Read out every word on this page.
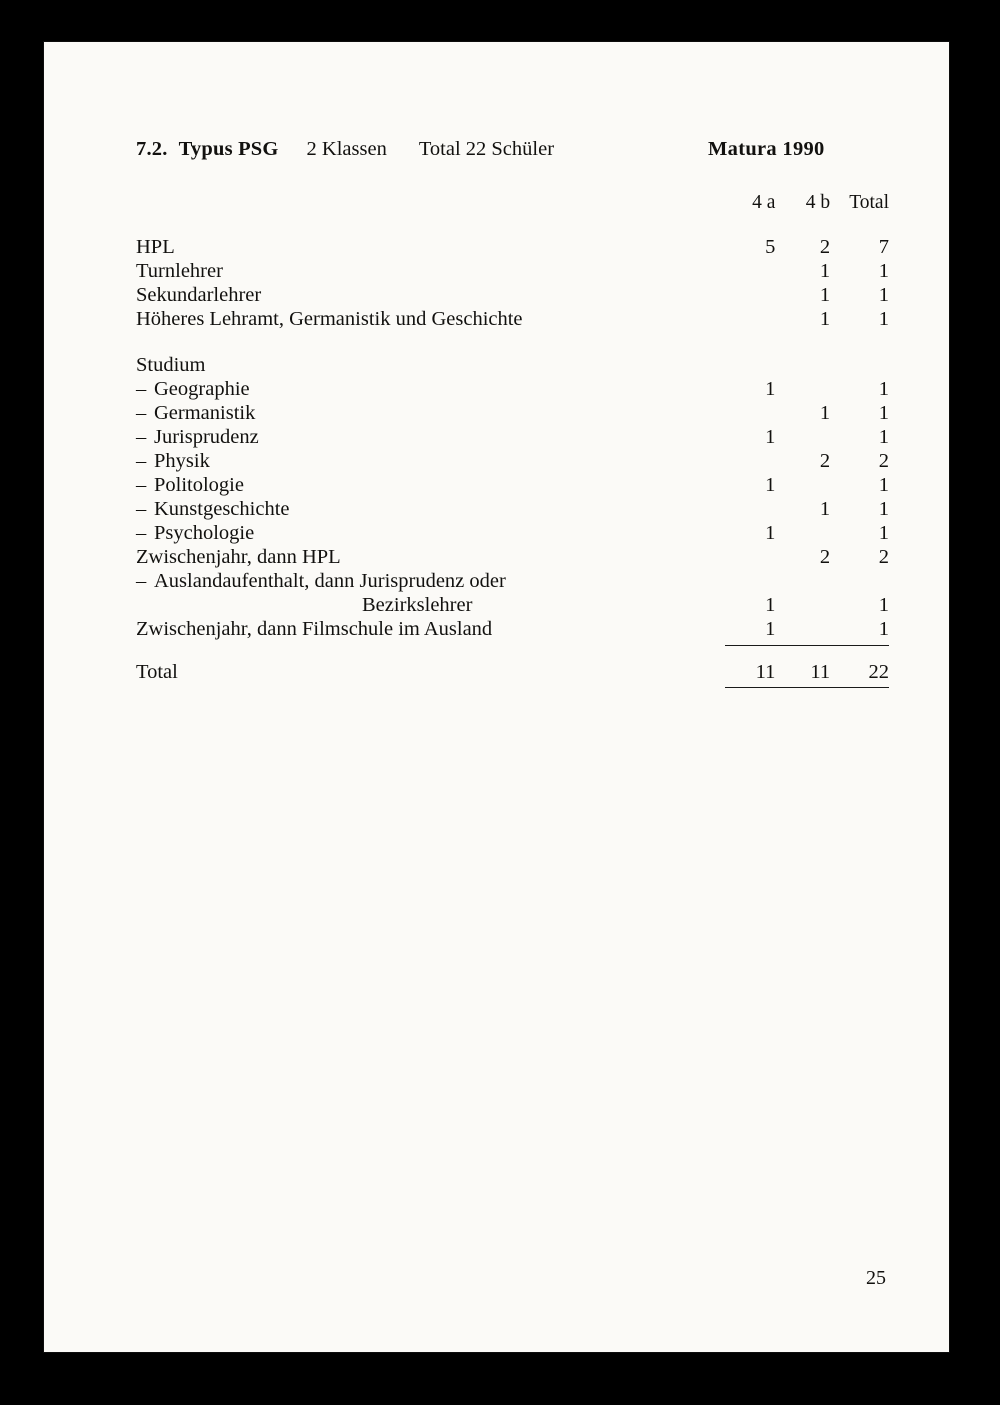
7.2. Typus PSG 2 Klassen Total 22 Schüler	Matura 1990
	4 a	4 b	Total
HPL	5	2	7
Turnlehrer		1	1
Sekundarlehrer		1	1
Höheres Lehramt, Germanistik und Geschichte		1	1

Studium			
– Geographie	1		1
– Germanistik		1	1
– Jurisprudenz	1		1
– Physik		2	2
– Politologie	1		1
– Kunstgeschichte		1	1
– Psychologie	1		1
Zwischenjahr, dann HPL		2	2
– Auslandaufenthalt, dann Jurisprudenz oder			
Bezirkslehrer	1		1
Zwischenjahr, dann Filmschule im Ausland	1		1
Total	11	11	22
25
